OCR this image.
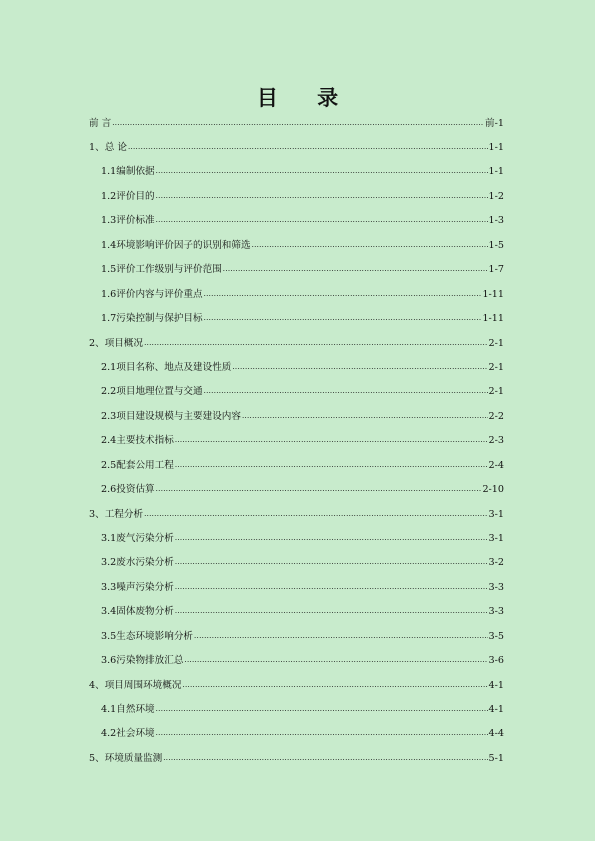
目 录
前 言 .....	前-1
1、 总 论 .....	1-1
1.1 编制依据 .....	1-1
1.2 评价目的 .....	1-2
1.3 评价标准 .....	1-3
1.4 环境影响评价因子的识别和筛选 .....	1-5
1.5 评价工作级别与评价范围 .....	1-7
1.6 评价内容与评价重点 .....	1-11
1.7 污染控制与保护目标 .....	1-11
2、 项目概况 .....	2-1
2.1 项目名称、地点及建设性质 .....	2-1
2.2 项目地理位置与交通 .....	2-1
2.3 项目建设规模与主要建设内容 .....	2-2
2.4 主要技术指标 .....	2-3
2.5 配套公用工程 .....	2-4
2.6 投资估算 .....	2-10
3、 工程分析 .....	3-1
3.1 废气污染分析 .....	3-1
3.2 废水污染分析 .....	3-2
3.3 噪声污染分析 .....	3-3
3.4 固体废物分析 .....	3-3
3.5 生态环境影响分析 .....	3-5
3.6 污染物排放汇总 .....	3-6
4、 项目周围环境概况 .....	4-1
4.1 自然环境 .....	4-1
4.2 社会环境 .....	4-4
5、 环境质量监测 .....	5-1
